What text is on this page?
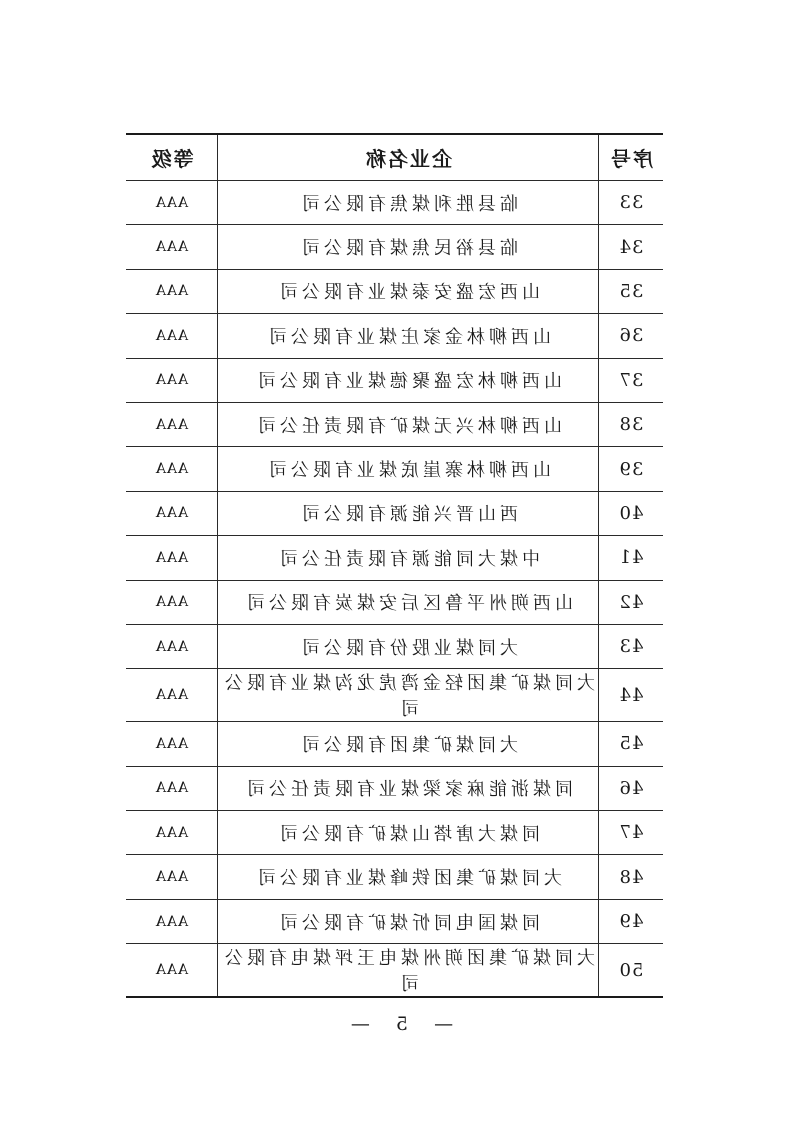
序号	企业名称	等级
33	临县胜利煤焦有限公司	AAA
34	临县裕民焦煤有限公司	AAA
35	山西宏盛安泰煤业有限公司	AAA
36	山西柳林金家庄煤业有限公司	AAA
37	山西柳林宏盛聚德煤业有限公司	AAA
38	山西柳林兴无煤矿有限责任公司	AAA
39	山西柳林寨崖底煤业有限公司	AAA
40	西山晋兴能源有限公司	AAA
41	中煤大同能源有限责任公司	AAA
42	山西朔州平鲁区后安煤炭有限公司	AAA
43	大同煤业股份有限公司	AAA
44	大同煤矿集团轻金湾虎龙沟煤业有限公司	AAA
45	大同煤矿集团有限公司	AAA
46	同煤浙能麻家梁煤业有限责任公司	AAA
47	同煤大唐塔山煤矿有限公司	AAA
48	大同煤矿集团铁峰煤业有限公司	AAA
49	同煤国电同忻煤矿有限公司	AAA
50	大同煤矿集团朔州煤电王坪煤电有限公司	AAA
— 5 —
